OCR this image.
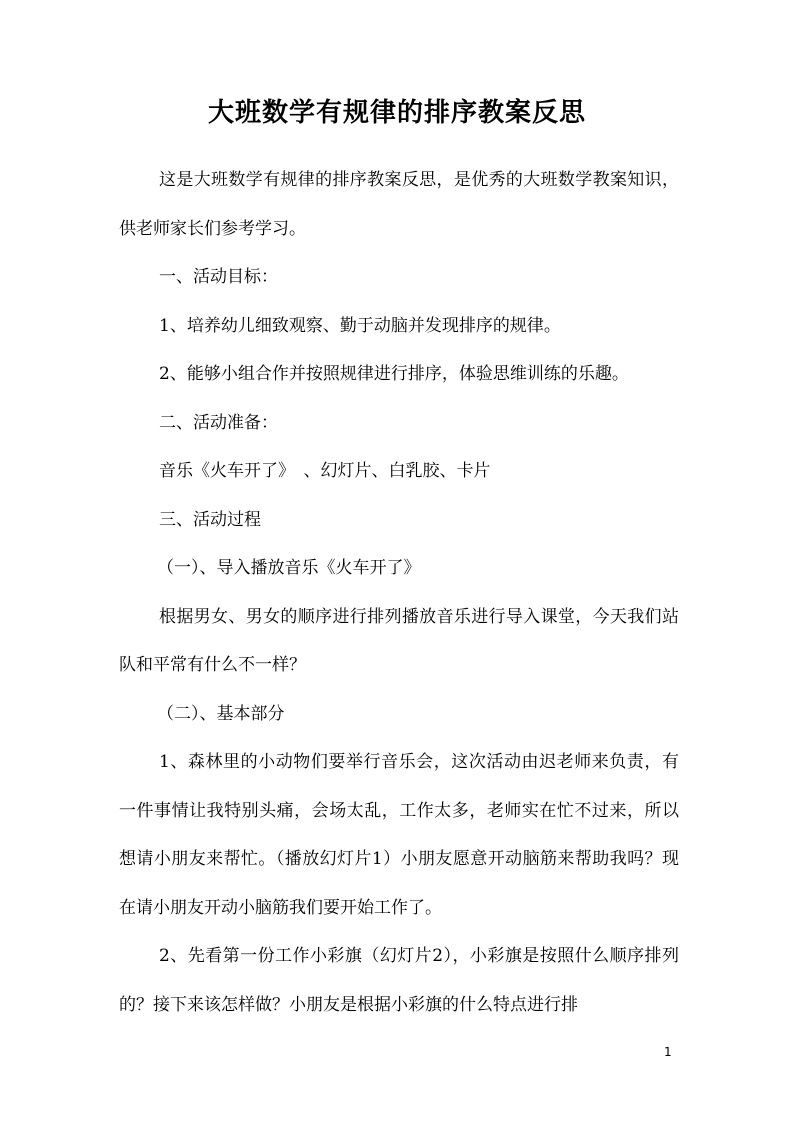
大班数学有规律的排序教案反思

这是大班数学有规律的排序教案反思，是优秀的大班数学教案知识，供老师家长们参考学习。

一、活动目标：

1、培养幼儿细致观察、勤于动脑并发现排序的规律。

2、能够小组合作并按照规律进行排序，体验思维训练的乐趣。

二、活动准备：

音乐《火车开了》　、幻灯片、白乳胶、卡片

三、活动过程

（一）、导入播放音乐《火车开了》

根据男女、男女的顺序进行排列播放音乐进行导入课堂，今天我们站队和平常有什么不一样？

（二）、基本部分

1、森林里的小动物们要举行音乐会，这次活动由迟老师来负责，有一件事情让我特别头痛，会场太乱，工作太多，老师实在忙不过来，所以想请小朋友来帮忙。（播放幻灯片1）小朋友愿意开动脑筋来帮助我吗？现在请小朋友开动小脑筋我们要开始工作了。

2、先看第一份工作小彩旗（幻灯片2），小彩旗是按照什么顺序排列的？接下来该怎样做？小朋友是根据小彩旗的什么特点进行排

1
